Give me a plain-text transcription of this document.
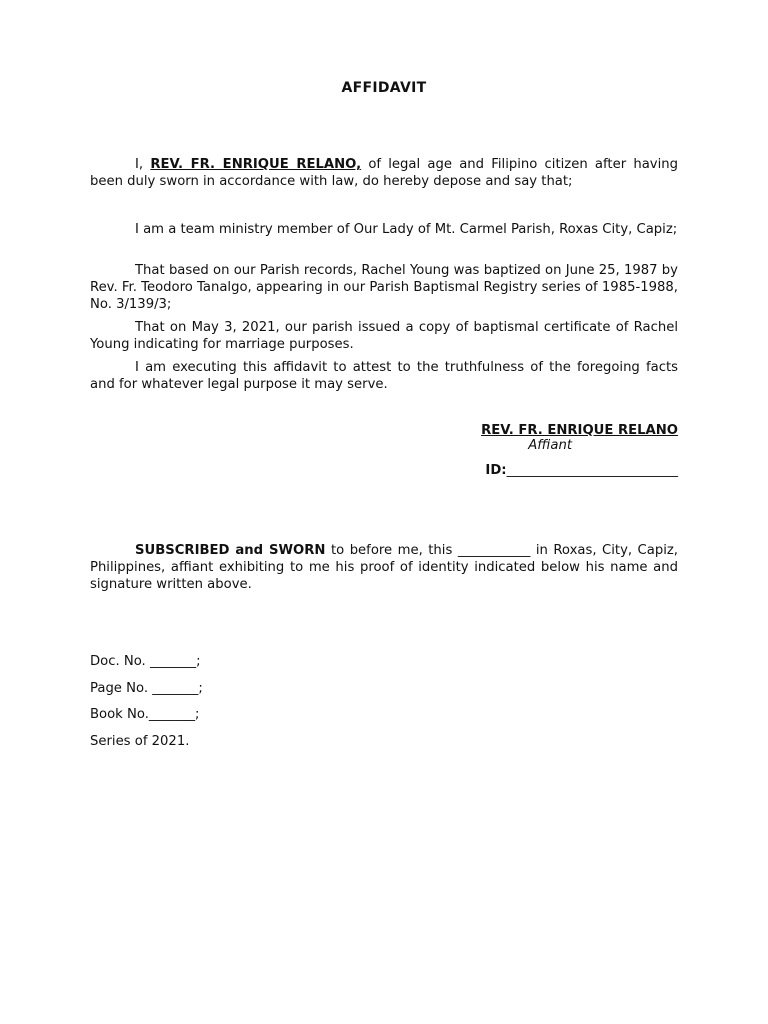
AFFIDAVIT

I, REV. FR. ENRIQUE RELANO, of legal age and Filipino citizen after having been duly sworn in accordance with law, do hereby depose and say that;

I am a team ministry member of Our Lady of Mt. Carmel Parish, Roxas City, Capiz;

That based on our Parish records, Rachel Young was baptized on June 25, 1987 by Rev. Fr. Teodoro Tanalgo, appearing in our Parish Baptismal Registry series of 1985-1988, No. 3/139/3;

That on May 3, 2021, our parish issued a copy of baptismal certificate of Rachel Young indicating for marriage purposes.

I am executing this affidavit to attest to the truthfulness of the foregoing facts and for whatever legal purpose it may serve.

REV. FR. ENRIQUE RELANO
Affiant
ID:__________________________

SUBSCRIBED and SWORN to before me, this ___________ in Roxas, City, Capiz, Philippines, affiant exhibiting to me his proof of identity indicated below his name and signature written above.

Doc. No. _______;
Page No. _______;
Book No._______;
Series of 2021.
